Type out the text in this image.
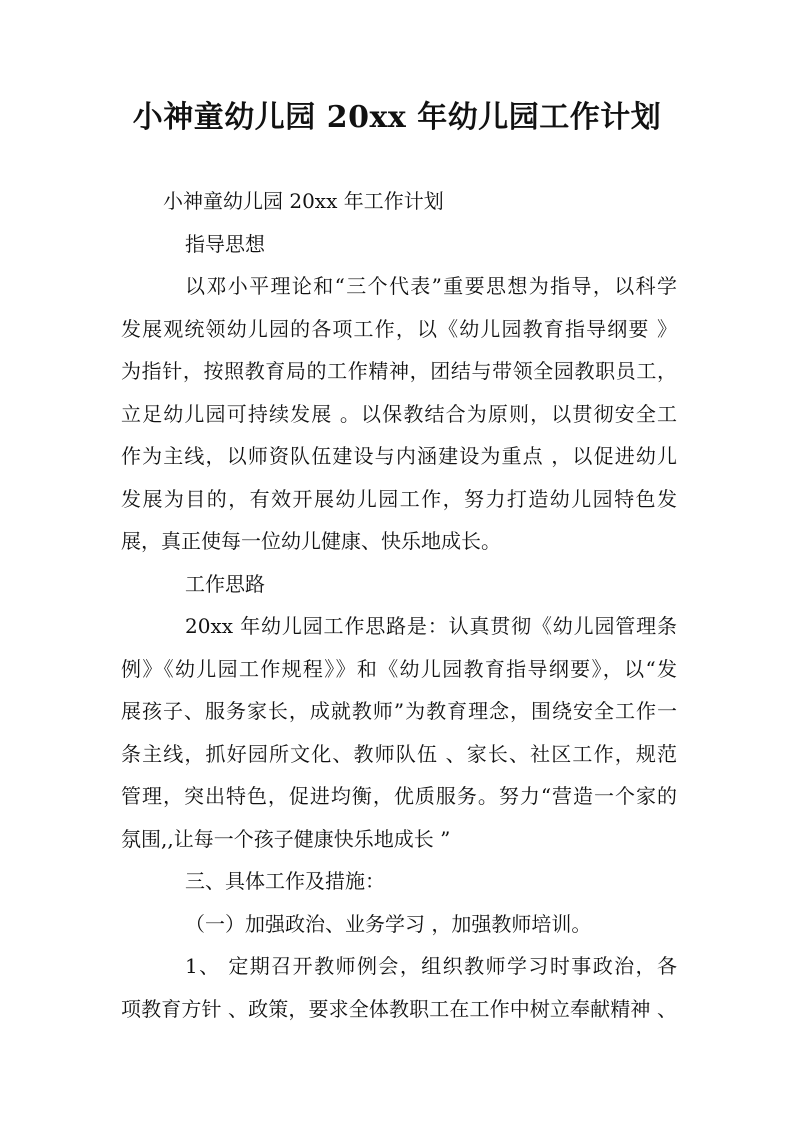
小神童幼儿园 20xx 年幼儿园工作计划
小神童幼儿园 20xx 年工作计划
指导思想
以邓小平理论和“三个代表”重要思想为指导，以科学
发展观统领幼儿园的各项工作，以《幼儿园教育指导纲要 》
为指针，按照教育局的工作精神，团结与带领全园教职员工，
立足幼儿园可持续发展 。以保教结合为原则，以贯彻安全工
作为主线，以师资队伍建设与内涵建设为重点 ，以促进幼儿
发展为目的，有效开展幼儿园工作，努力打造幼儿园特色发
展，真正使每一位幼儿健康、快乐地成长。
工作思路
20xx 年幼儿园工作思路是：认真贯彻《幼儿园管理条
例》《幼儿园工作规程》》和《幼儿园教育指导纲要》，以“发
展孩子、服务家长，成就教师”为教育理念，围绕安全工作一
条主线，抓好园所文化、教师队伍 、家长、社区工作，规范
管理，突出特色，促进均衡，优质服务。努力“营造一个家的
氛围,,让每一个孩子健康快乐地成长 ”
三、具体工作及措施：
（一）加强政治、业务学习 ，加强教师培训。
1、 定期召开教师例会，组织教师学习时事政治，各
项教育方针 、政策，要求全体教职工在工作中树立奉献精神 、
